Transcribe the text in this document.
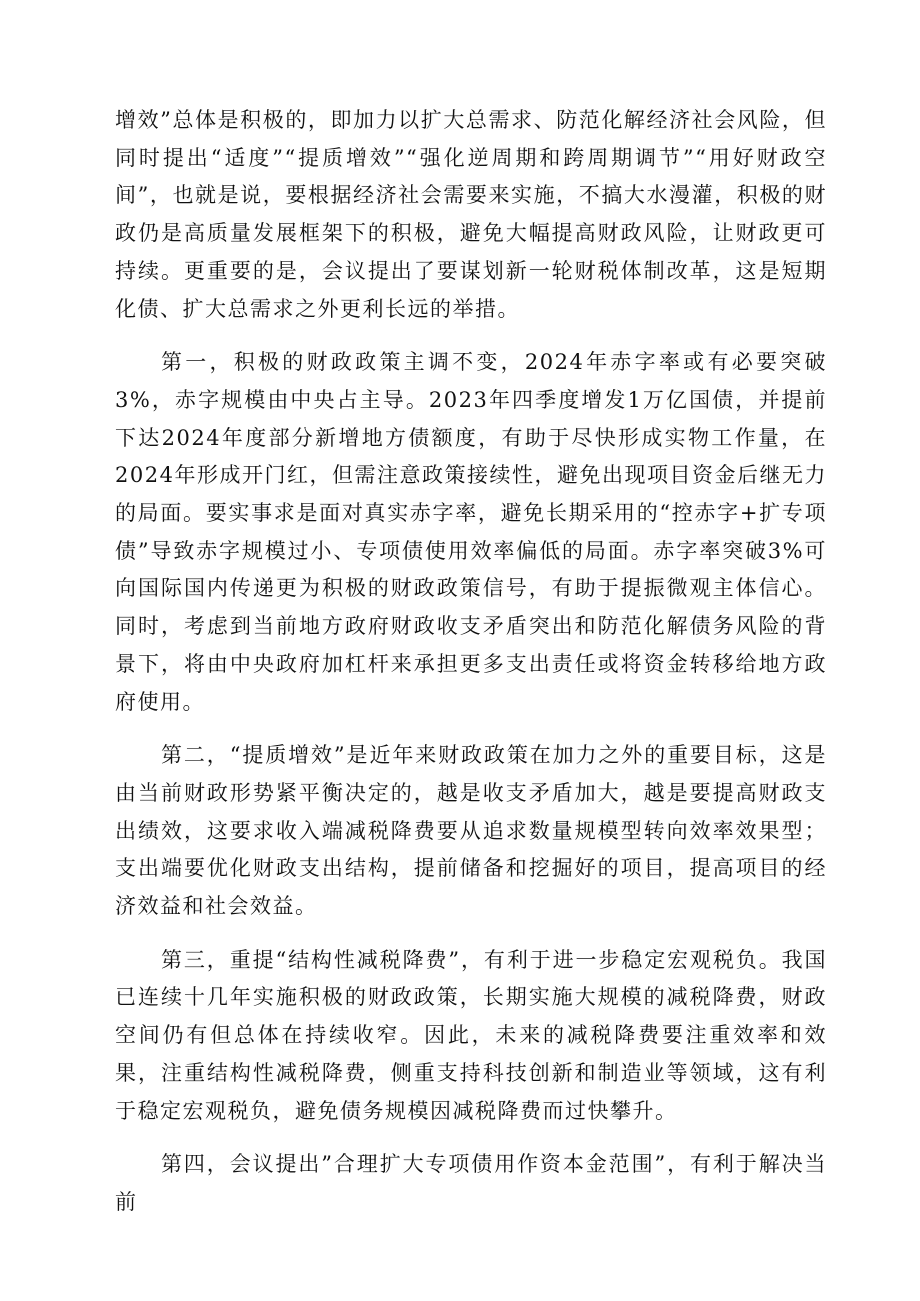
增效”总体是积极的，即加力以扩大总需求、防范化解经济社会风险，但同时提出“适度”“提质增效”“强化逆周期和跨周期调节”“用好财政空间”，也就是说，要根据经济社会需要来实施，不搞大水漫灌，积极的财政仍是高质量发展框架下的积极，避免大幅提高财政风险，让财政更可持续。更重要的是，会议提出了要谋划新一轮财税体制改革，这是短期化债、扩大总需求之外更利长远的举措。

第一，积极的财政政策主调不变，2024年赤字率或有必要突破3%，赤字规模由中央占主导。2023年四季度增发1万亿国债，并提前下达2024年度部分新增地方债额度，有助于尽快形成实物工作量，在2024年形成开门红，但需注意政策接续性，避免出现项目资金后继无力的局面。要实事求是面对真实赤字率，避免长期采用的“控赤字+扩专项债”导致赤字规模过小、专项债使用效率偏低的局面。赤字率突破3%可向国际国内传递更为积极的财政政策信号，有助于提振微观主体信心。同时，考虑到当前地方政府财政收支矛盾突出和防范化解债务风险的背景下，将由中央政府加杠杆来承担更多支出责任或将资金转移给地方政府使用。

第二，“提质增效”是近年来财政政策在加力之外的重要目标，这是由当前财政形势紧平衡决定的，越是收支矛盾加大，越是要提高财政支出绩效，这要求收入端减税降费要从追求数量规模型转向效率效果型；支出端要优化财政支出结构，提前储备和挖掘好的项目，提高项目的经济效益和社会效益。

第三，重提“结构性减税降费”，有利于进一步稳定宏观税负。我国已连续十几年实施积极的财政政策，长期实施大规模的减税降费，财政空间仍有但总体在持续收窄。因此，未来的减税降费要注重效率和效果，注重结构性减税降费，侧重支持科技创新和制造业等领域，这有利于稳定宏观税负，避免债务规模因减税降费而过快攀升。

第四，会议提出”合理扩大专项债用作资本金范围”，有利于解决当前
